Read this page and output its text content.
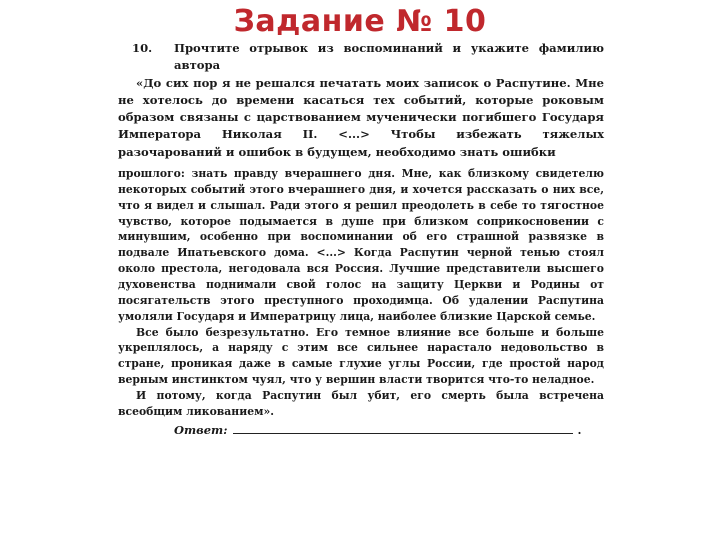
Задание № 10
10.	Прочтите отрывок из воспоминаний и укажите фамилию автора

«До сих пор я не решался печатать моих записок о Распутине. Мне не хотелось до времени касаться тех событий, которые роковым образом связаны с царствованием мученически погибшего Государя Императора Николая II. <...> Чтобы избежать тяжелых разочарований и ошибок в будущем, необходимо знать ошибки

прошлого: знать правду вчерашнего дня. Мне, как близкому свидетелю некоторых событий этого вчерашнего дня, и хочется рассказать о них все, что я видел и слышал. Ради этого я решил преодолеть в себе то тягостное чувство, которое подымается в душе при близком соприкосновении с минувшим, особенно при воспоминании об его страшной развязке в подвале Ипатьевского дома. <...> Когда Распутин черной тенью стоял около престола, негодовала вся Россия. Лучшие представители высшего духовенства поднимали свой голос на защиту Церкви и Родины от посягательств этого преступного проходимца. Об удалении Распутина умоляли Государя и Императрицу лица, наиболее близкие Царской семье.

Все было безрезультатно. Его темное влияние все больше и больше укреплялось, а наряду с этим все сильнее нарастало недовольство в стране, проникая даже в самые глухие углы России, где простой народ верным инстинктом чуял, что у вершин власти творится что-то неладное.

И потому, когда Распутин был убит, его смерть была встречена всеобщим ликованием».

Ответ:	.
